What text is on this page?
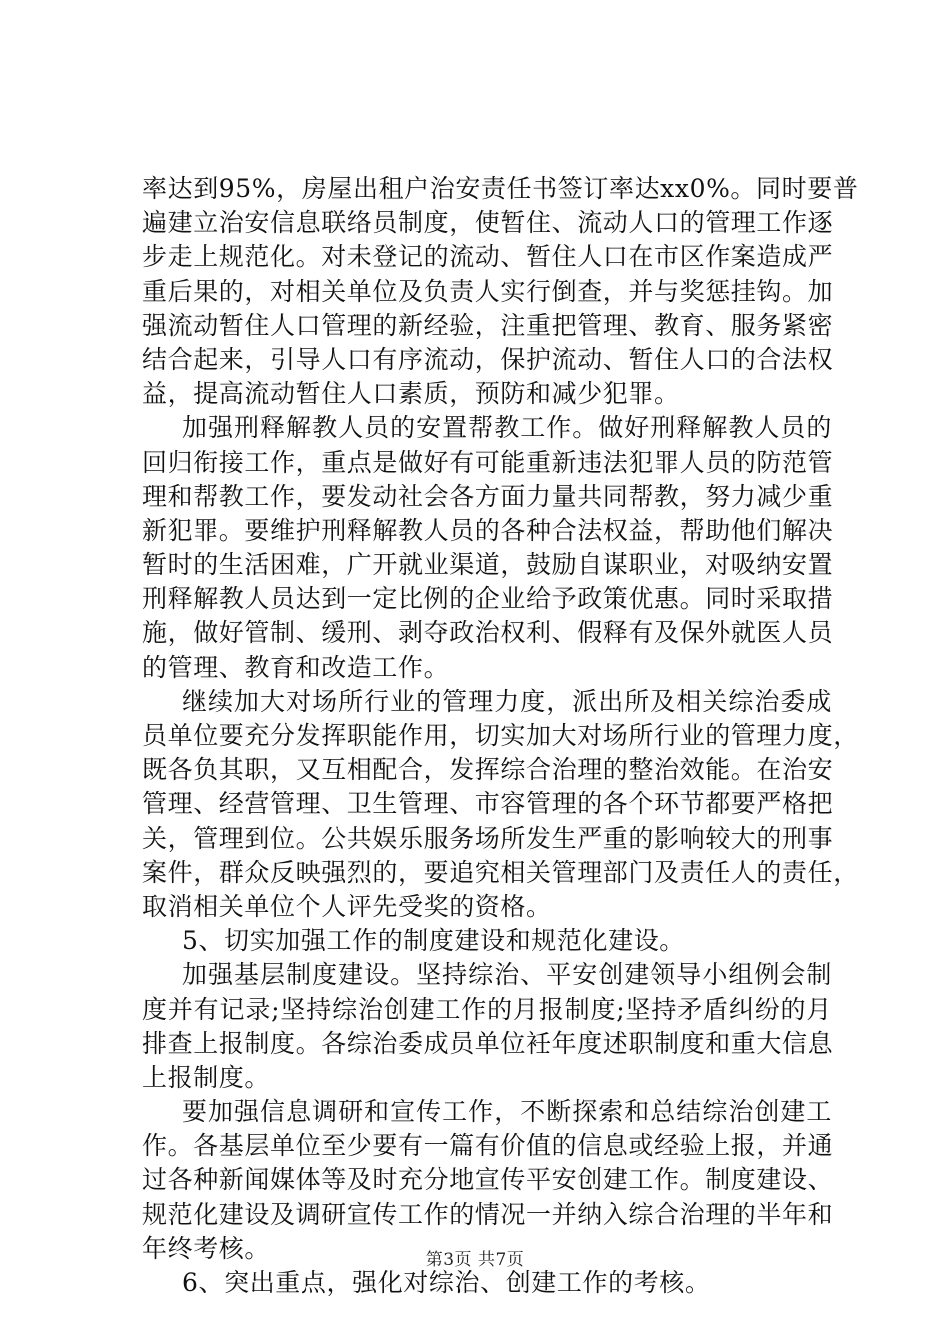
率达到95%，房屋出租户治安责任书签订率达xx0%。同时要普
遍建立治安信息联络员制度，使暂住、流动人口的管理工作逐
步走上规范化。对未登记的流动、暂住人口在市区作案造成严
重后果的，对相关单位及负责人实行倒查，并与奖惩挂钩。加
强流动暂住人口管理的新经验，注重把管理、教育、服务紧密
结合起来，引导人口有序流动，保护流动、暂住人口的合法权
益，提高流动暂住人口素质，预防和减少犯罪。
加强刑释解教人员的安置帮教工作。做好刑释解教人员的
回归衔接工作，重点是做好有可能重新违法犯罪人员的防范管
理和帮教工作，要发动社会各方面力量共同帮教，努力减少重
新犯罪。要维护刑释解教人员的各种合法权益，帮助他们解决
暂时的生活困难，广开就业渠道，鼓励自谋职业，对吸纳安置
刑释解教人员达到一定比例的企业给予政策优惠。同时采取措
施，做好管制、缓刑、剥夺政治权利、假释有及保外就医人员
的管理、教育和改造工作。
继续加大对场所行业的管理力度，派出所及相关综治委成
员单位要充分发挥职能作用，切实加大对场所行业的管理力度，
既各负其职，又互相配合，发挥综合治理的整治效能。在治安
管理、经营管理、卫生管理、市容管理的各个环节都要严格把
关，管理到位。公共娱乐服务场所发生严重的影响较大的刑事
案件，群众反映强烈的，要追究相关管理部门及责任人的责任，
取消相关单位个人评先受奖的资格。
5、切实加强工作的制度建设和规范化建设。
加强基层制度建设。坚持综治、平安创建领导小组例会制
度并有记录;坚持综治创建工作的月报制度;坚持矛盾纠纷的月
排查上报制度。各综治委成员单位衽年度述职制度和重大信息
上报制度。
要加强信息调研和宣传工作，不断探索和总结综治创建工
作。各基层单位至少要有一篇有价值的信息或经验上报，并通
过各种新闻媒体等及时充分地宣传平安创建工作。制度建设、
规范化建设及调研宣传工作的情况一并纳入综合治理的半年和
年终考核。
6、突出重点，强化对综治、创建工作的考核。
第3页 共7页
